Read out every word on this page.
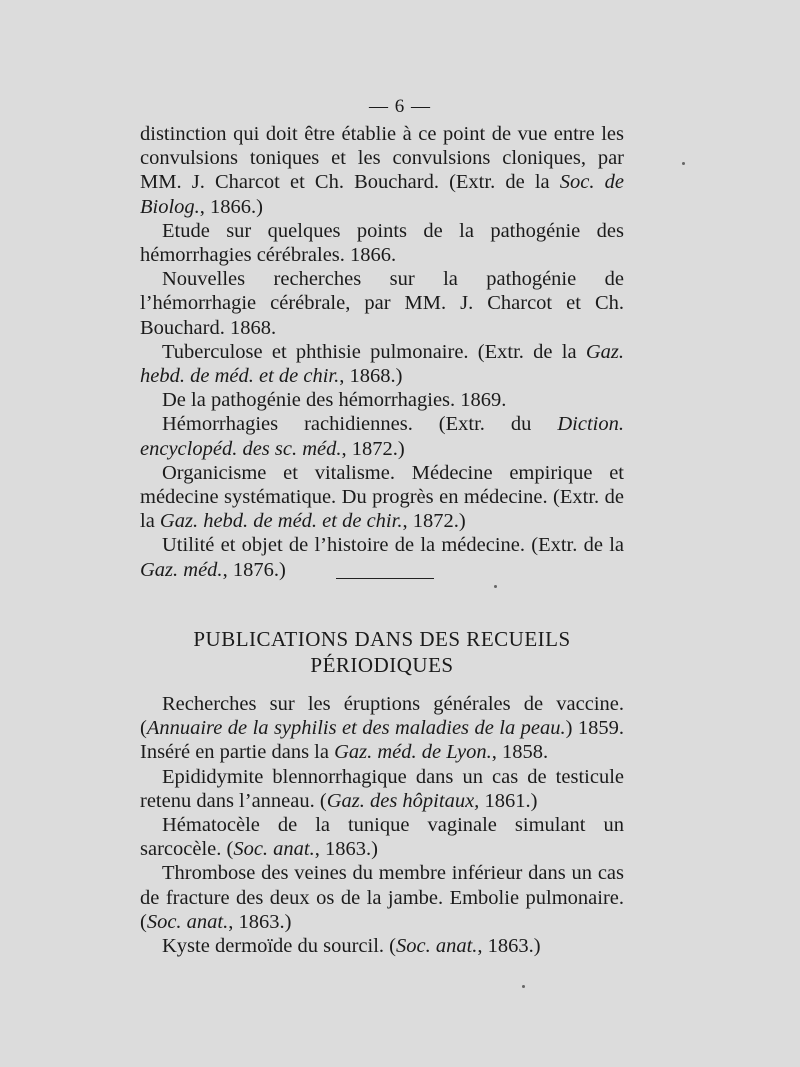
— 6 —

distinction qui doit être établie à ce point de vue entre les convulsions toniques et les convulsions cloniques, par MM. J. Charcot et Ch. Bouchard. (Extr. de la Soc. de Biolog., 1866.)

Etude sur quelques points de la pathogénie des hémorrhagies cérébrales. 1866.

Nouvelles recherches sur la pathogénie de l’hémorrhagie cérébrale, par MM. J. Charcot et Ch. Bouchard. 1868.

Tuberculose et phthisie pulmonaire. (Extr. de la Gaz. hebd. de méd. et de chir., 1868.)

De la pathogénie des hémorrhagies. 1869.

Hémorrhagies rachidiennes. (Extr. du Diction. encyclopéd. des sc. méd., 1872.)

Organicisme et vitalisme. Médecine empirique et médecine systématique. Du progrès en médecine. (Extr. de la Gaz. hebd. de méd. et de chir., 1872.)

Utilité et objet de l’histoire de la médecine. (Extr. de la Gaz. méd., 1876.)

PUBLICATIONS DANS DES RECUEILS
PÉRIODIQUES

Recherches sur les éruptions générales de vaccine. (Annuaire de la syphilis et des maladies de la peau.) 1859. Inséré en partie dans la Gaz. méd. de Lyon., 1858.

Epididymite blennorrhagique dans un cas de testicule retenu dans l’anneau. (Gaz. des hôpitaux, 1861.)

Hématocèle de la tunique vaginale simulant un sarcocèle. (Soc. anat., 1863.)

Thrombose des veines du membre inférieur dans un cas de fracture des deux os de la jambe. Embolie pulmonaire. (Soc. anat., 1863.)

Kyste dermoïde du sourcil. (Soc. anat., 1863.)
